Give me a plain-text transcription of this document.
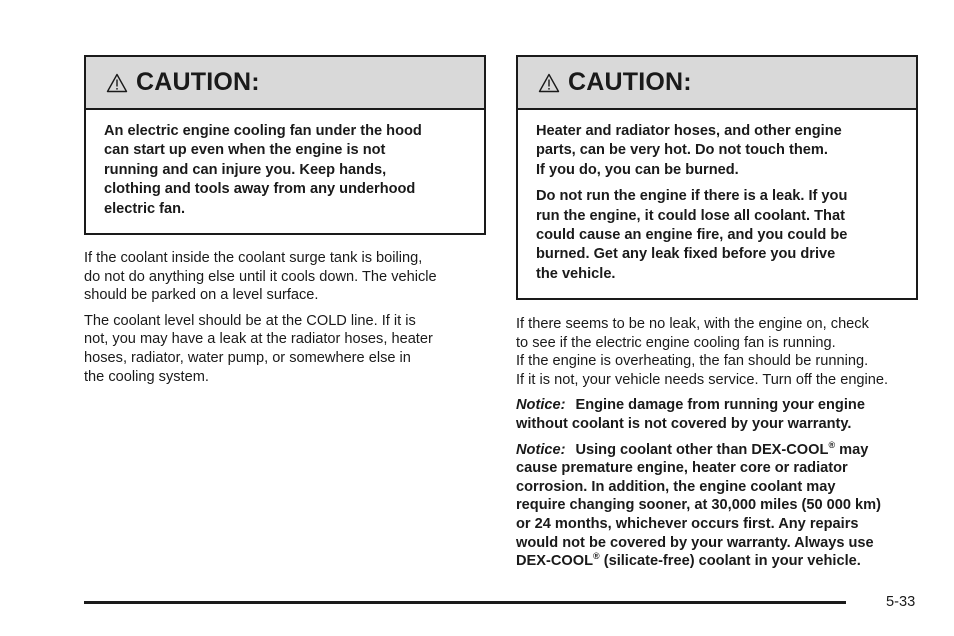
CAUTION:

An electric engine cooling fan under the hood
can start up even when the engine is not
running and can injure you. Keep hands,
clothing and tools away from any underhood
electric fan.

If the coolant inside the coolant surge tank is boiling,
do not do anything else until it cools down. The vehicle
should be parked on a level surface.

The coolant level should be at the COLD line. If it is
not, you may have a leak at the radiator hoses, heater
hoses, radiator, water pump, or somewhere else in
the cooling system.

CAUTION:

Heater and radiator hoses, and other engine
parts, can be very hot. Do not touch them.
If you do, you can be burned.

Do not run the engine if there is a leak. If you
run the engine, it could lose all coolant. That
could cause an engine fire, and you could be
burned. Get any leak fixed before you drive
the vehicle.

If there seems to be no leak, with the engine on, check
to see if the electric engine cooling fan is running.
If the engine is overheating, the fan should be running.
If it is not, your vehicle needs service. Turn off the engine.

Notice: Engine damage from running your engine
without coolant is not covered by your warranty.

Notice: Using coolant other than DEX-COOL® may
cause premature engine, heater core or radiator
corrosion. In addition, the engine coolant may
require changing sooner, at 30,000 miles (50 000 km)
or 24 months, whichever occurs first. Any repairs
would not be covered by your warranty. Always use
DEX-COOL® (silicate-free) coolant in your vehicle.

5-33
